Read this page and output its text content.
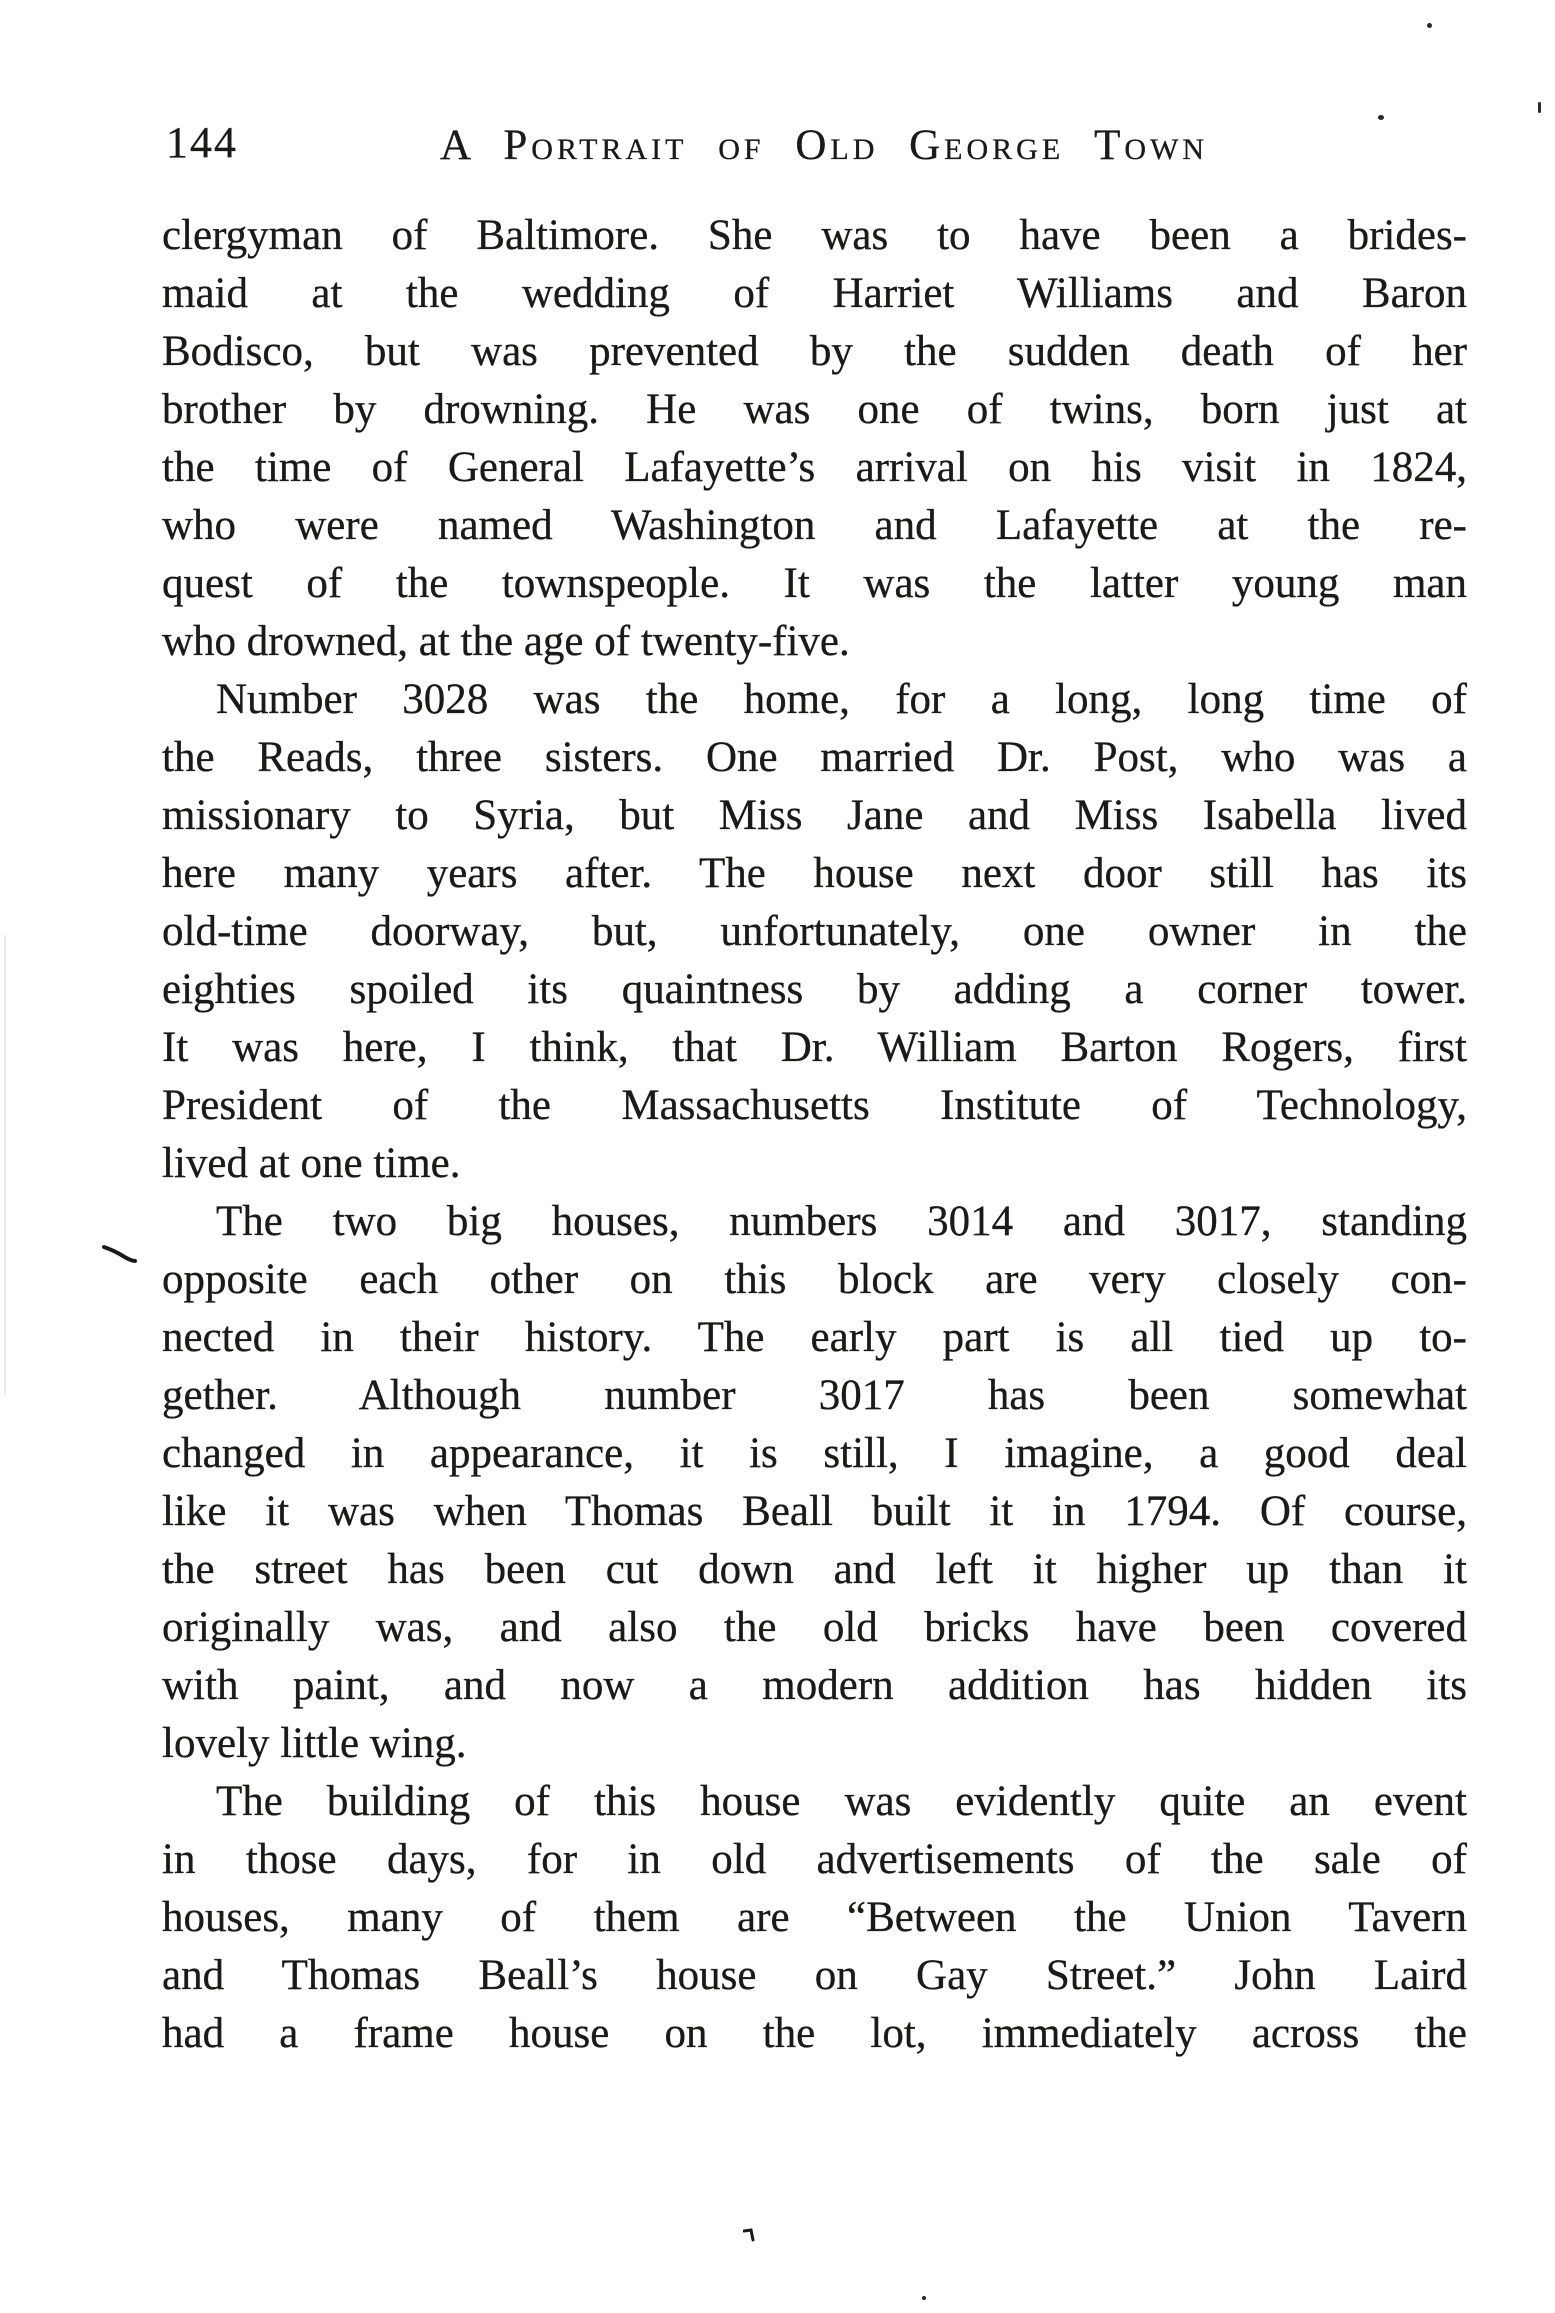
144	A Portrait of Old George Town
clergyman of Baltimore. She was to have been a brides-
maid at the wedding of Harriet Williams and Baron
Bodisco, but was prevented by the sudden death of her
brother by drowning. He was one of twins, born just at
the time of General Lafayette’s arrival on his visit in 1824,
who were named Washington and Lafayette at the re-
quest of the townspeople. It was the latter young man
who drowned, at the age of twenty-five.
Number 3028 was the home, for a long, long time of
the Reads, three sisters. One married Dr. Post, who was a
missionary to Syria, but Miss Jane and Miss Isabella lived
here many years after. The house next door still has its
old-time doorway, but, unfortunately, one owner in the
eighties spoiled its quaintness by adding a corner tower.
It was here, I think, that Dr. William Barton Rogers, first
President of the Massachusetts Institute of Technology,
lived at one time.
The two big houses, numbers 3014 and 3017, standing
opposite each other on this block are very closely con-
nected in their history. The early part is all tied up to-
gether. Although number 3017 has been somewhat
changed in appearance, it is still, I imagine, a good deal
like it was when Thomas Beall built it in 1794. Of course,
the street has been cut down and left it higher up than it
originally was, and also the old bricks have been covered
with paint, and now a modern addition has hidden its
lovely little wing.
The building of this house was evidently quite an event
in those days, for in old advertisements of the sale of
houses, many of them are “Between the Union Tavern
and Thomas Beall’s house on Gay Street.” John Laird
had a frame house on the lot, immediately across the
